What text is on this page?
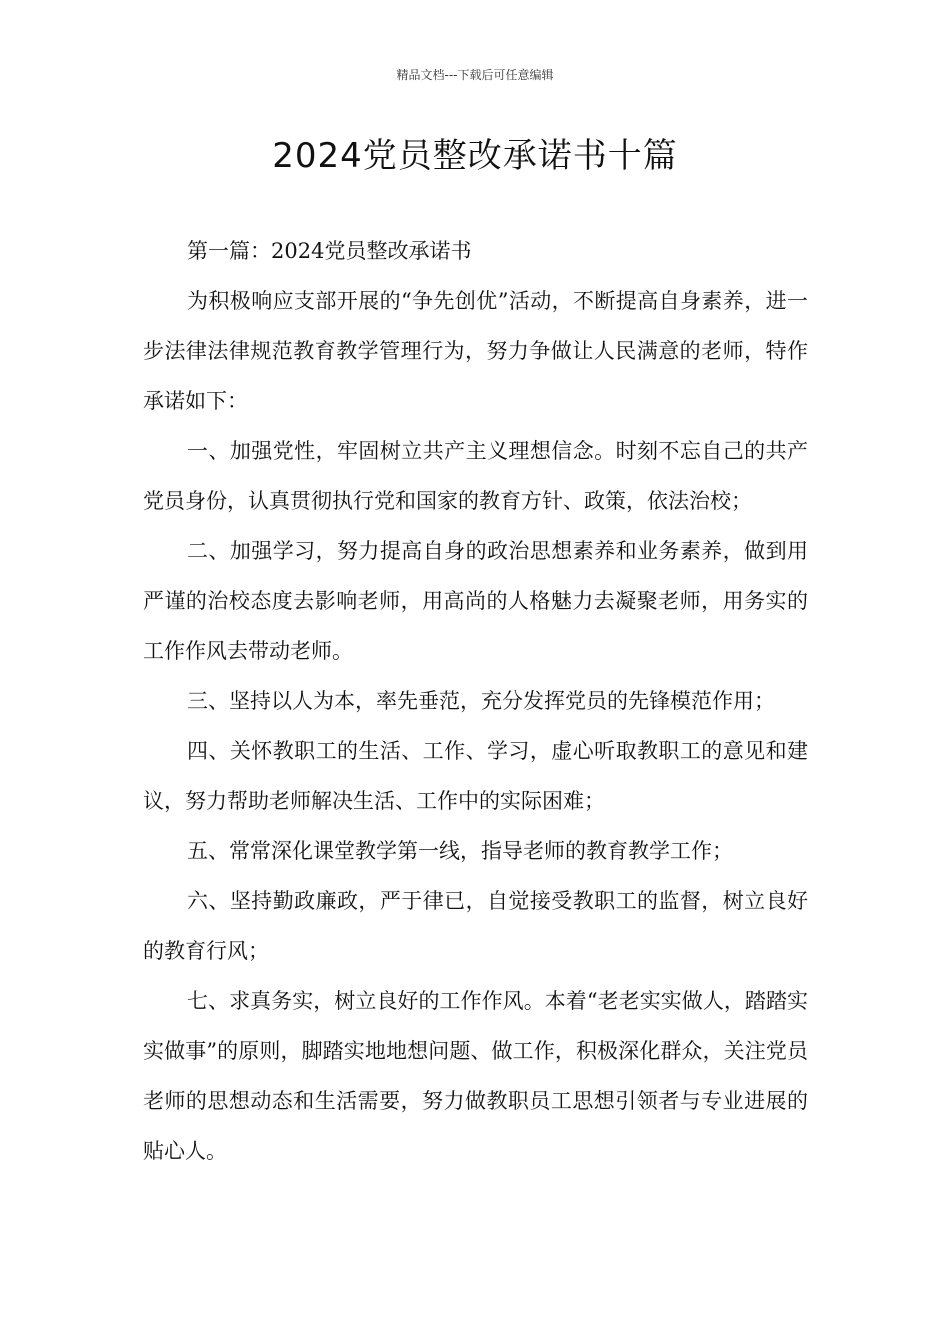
精品文档---下载后可任意编辑
2024党员整改承诺书十篇

第一篇：2024党员整改承诺书

为积极响应支部开展的“争先创优”活动，不断提高自身素养，进一步法律法律规范教育教学管理行为，努力争做让人民满意的老师，特作承诺如下：

一、加强党性，牢固树立共产主义理想信念。时刻不忘自己的共产党员身份，认真贯彻执行党和国家的教育方针、政策，依法治校；

二、加强学习，努力提高自身的政治思想素养和业务素养，做到用严谨的治校态度去影响老师，用高尚的人格魅力去凝聚老师，用务实的工作作风去带动老师。

三、坚持以人为本，率先垂范，充分发挥党员的先锋模范作用；

四、关怀教职工的生活、工作、学习，虚心听取教职工的意见和建议，努力帮助老师解决生活、工作中的实际困难；

五、常常深化课堂教学第一线，指导老师的教育教学工作；

六、坚持勤政廉政，严于律已，自觉接受教职工的监督，树立良好的教育行风；

七、求真务实，树立良好的工作作风。本着“老老实实做人，踏踏实实做事”的原则，脚踏实地地想问题、做工作，积极深化群众，关注党员老师的思想动态和生活需要，努力做教职员工思想引领者与专业进展的贴心人。
